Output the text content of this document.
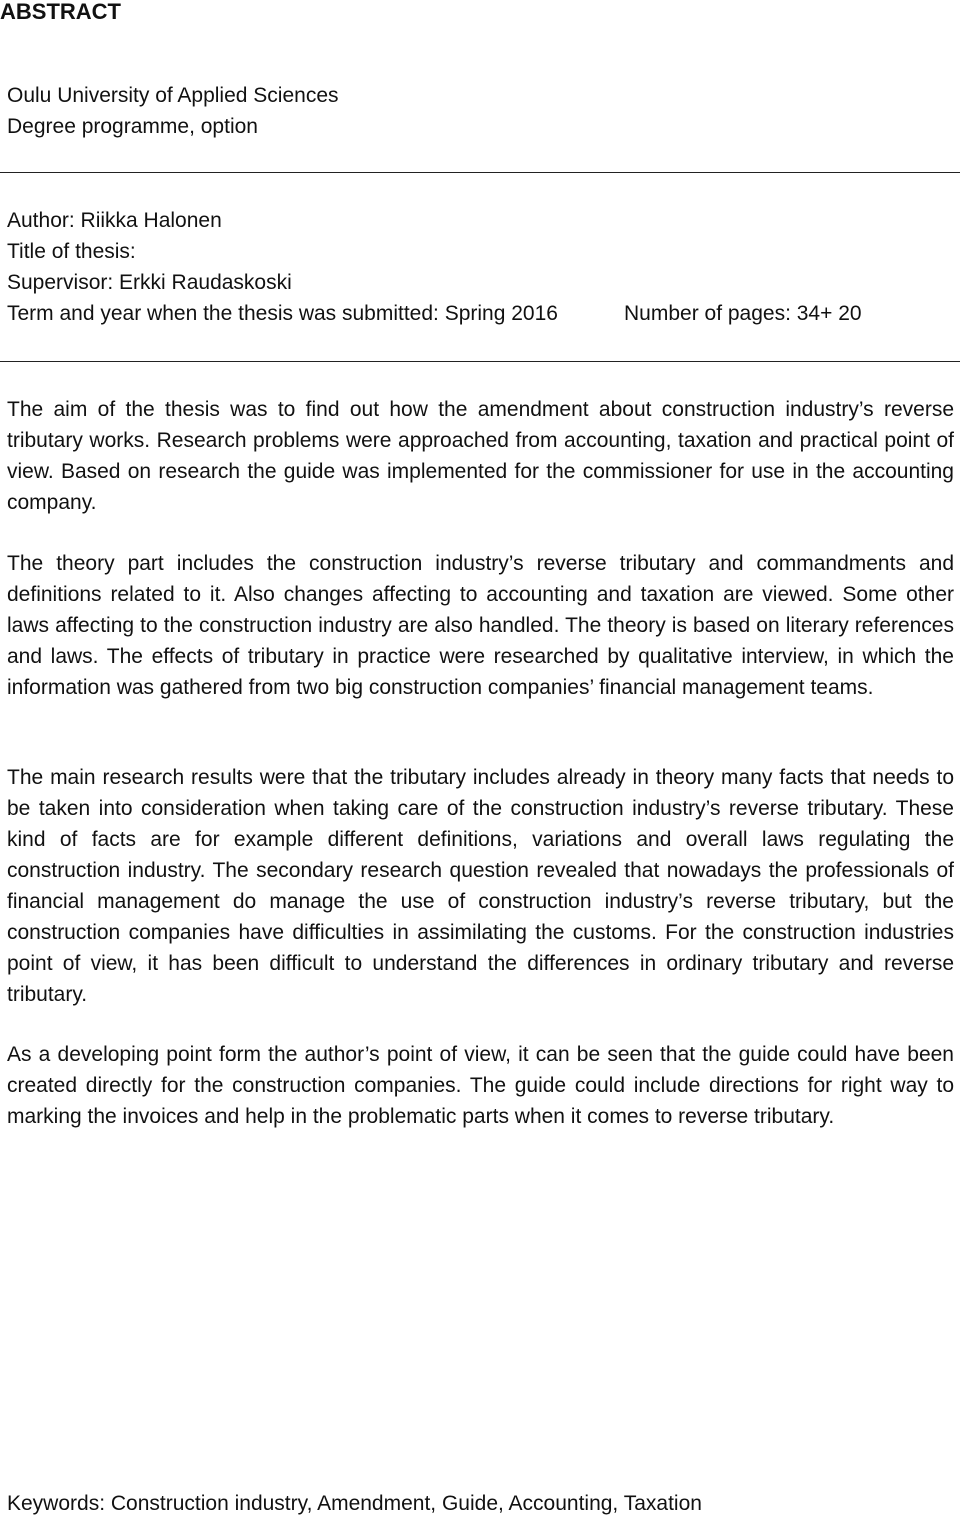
ABSTRACT
Oulu University of Applied Sciences
Degree programme, option
Author: Riikka Halonen
Title of thesis:
Supervisor: Erkki Raudaskoski
Term and year when the thesis was submitted: Spring 2016	Number of pages: 34+ 20

The aim of the thesis was to find out how the amendment about construction industry’s reverse tributary works. Research problems were approached from accounting, taxation and practical point of view. Based on research the guide was implemented for the commissioner for use in the accounting company.

The theory part includes the construction industry’s reverse tributary and commandments and definitions related to it. Also changes affecting to accounting and taxation are viewed. Some other laws affecting to the construction industry are also handled. The theory is based on literary references and laws. The effects of tributary in practice were researched by qualitative interview, in which the information was gathered from two big construction companies’ financial management teams.

The main research results were that the tributary includes already in theory many facts that needs to be taken into consideration when taking care of the construction industry’s reverse tributary. These kind of facts are for example different definitions, variations and overall laws regulating the construction industry. The secondary research question revealed that nowadays the professionals of financial management do manage the use of construction industry’s reverse tributary, but the construction companies have difficulties in assimilating the customs. For the construction industries point of view, it has been difficult to understand the differences in ordinary tributary and reverse tributary.

As a developing point form the author’s point of view, it can be seen that the guide could have been created directly for the construction companies. The guide could include directions for right way to marking the invoices and help in the problematic parts when it comes to reverse tributary.

Keywords: Construction industry, Amendment, Guide, Accounting, Taxation
